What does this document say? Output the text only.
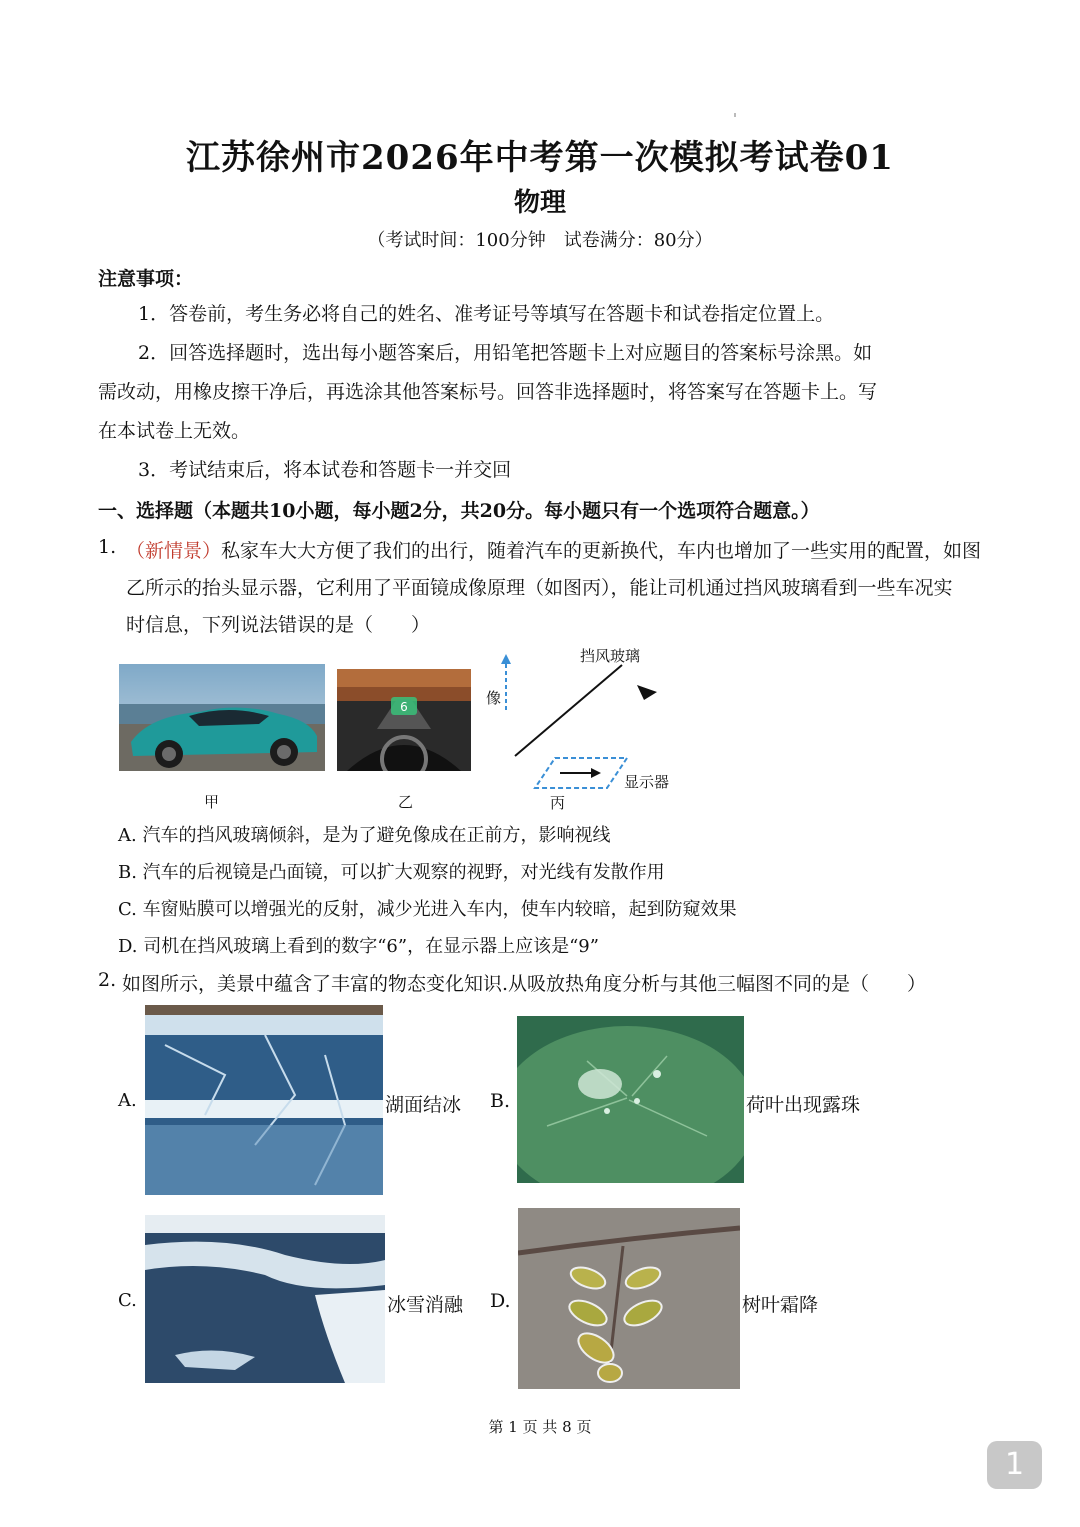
江苏徐州市2026年中考第一次模拟考试卷01
物理
（考试时间：100分钟　试卷满分：80分）
注意事项：
1．答卷前，考生务必将自己的姓名、准考证号等填写在答题卡和试卷指定位置上。
2．回答选择题时，选出每小题答案后，用铅笔把答题卡上对应题目的答案标号涂黑。如
需改动，用橡皮擦干净后，再选涂其他答案标号。回答非选择题时，将答案写在答题卡上。写
在本试卷上无效。
3．考试结束后，将本试卷和答题卡一并交回
一、选择题（本题共10小题，每小题2分，共20分。每小题只有一个选项符合题意。）
1. （新情景）私家车大大方便了我们的出行，随着汽车的更新换代，车内也增加了一些实用的配置，如图
乙所示的抬头显示器，它利用了平面镜成像原理（如图丙），能让司机通过挡风玻璃看到一些车况实
时信息，下列说法错误的是（　　）
甲
6
乙
挡风玻璃
像
显示器
丙
A. 汽车的挡风玻璃倾斜，是为了避免像成在正前方，影响视线
B. 汽车的后视镜是凸面镜，可以扩大观察的视野，对光线有发散作用
C. 车窗贴膜可以增强光的反射，减少光进入车内，使车内较暗，起到防窥效果
D. 司机在挡风玻璃上看到的数字“6”，在显示器上应该是“9”
2. 如图所示，美景中蕴含了丰富的物态变化知识.从吸放热角度分析与其他三幅图不同的是（　　）
A.	湖面结冰 B.	荷叶出现露珠
C.	冰雪消融 D.	树叶霜降
第 1 页 共 8 页
1
